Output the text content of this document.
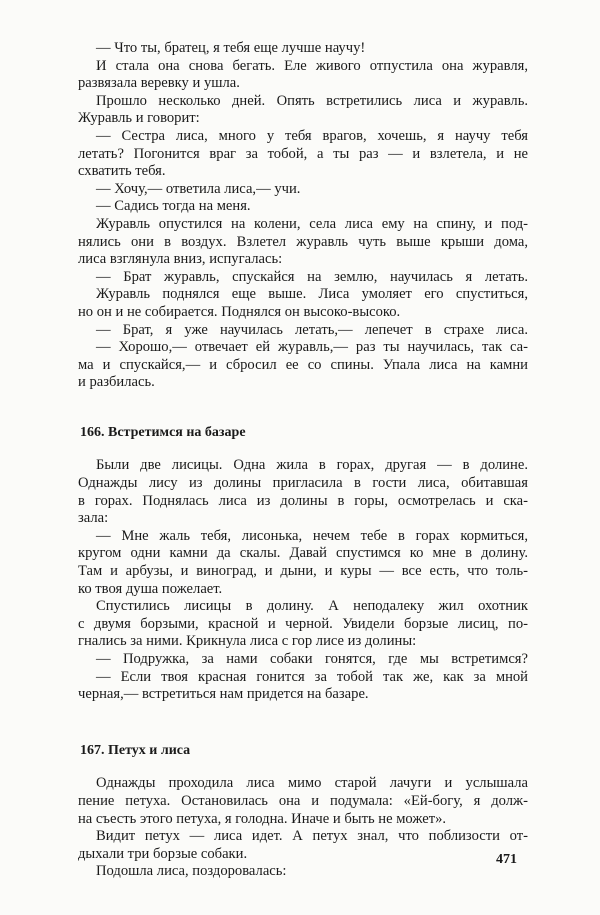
— Что ты, братец, я тебя еще лучше научу!
И стала она снова бегать. Еле живого отпустила она журавля,
развязала веревку и ушла.
Прошло несколько дней. Опять встретились лиса и журавль.
Журавль и говорит:
— Сестра лиса, много у тебя врагов, хочешь, я научу тебя
летать? Погонится враг за тобой, а ты раз — и взлетела, и не
схватить тебя.
— Хочу,— ответила лиса,— учи.
— Садись тогда на меня.
Журавль опустился на колени, села лиса ему на спину, и под-
нялись они в воздух. Взлетел журавль чуть выше крыши дома,
лиса взглянула вниз, испугалась:
— Брат журавль, спускайся на землю, научилась я летать.
Журавль поднялся еще выше. Лиса умоляет его спуститься,
но он и не собирается. Поднялся он высоко-высоко.
— Брат, я уже научилась летать,— лепечет в страхе лиса.
— Хорошо,— отвечает ей журавль,— раз ты научилась, так са-
ма и спускайся,— и сбросил ее со спины. Упала лиса на камни
и разбилась.
166. Встретимся на базаре
Были две лисицы. Одна жила в горах, другая — в долине.
Однажды лису из долины пригласила в гости лиса, обитавшая
в горах. Поднялась лиса из долины в горы, осмотрелась и ска-
зала:
— Мне жаль тебя, лисонька, нечем тебе в горах кормиться,
кругом одни камни да скалы. Давай спустимся ко мне в долину.
Там и арбузы, и виноград, и дыни, и куры — все есть, что толь-
ко твоя душа пожелает.
Спустились лисицы в долину. А неподалеку жил охотник
с двумя борзыми, красной и черной. Увидели борзые лисиц, по-
гнались за ними. Крикнула лиса с гор лисе из долины:
— Подружка, за нами собаки гонятся, где мы встретимся?
— Если твоя красная гонится за тобой так же, как за мной
черная,— встретиться нам придется на базаре.
167. Петух и лиса
Однажды проходила лиса мимо старой лачуги и услышала
пение петуха. Остановилась она и подумала: «Ей-богу, я долж-
на съесть этого петуха, я голодна. Иначе и быть не может».
Видит петух — лиса идет. А петух знал, что поблизости от-
дыхали три борзые собаки.
Подошла лиса, поздоровалась:
471
